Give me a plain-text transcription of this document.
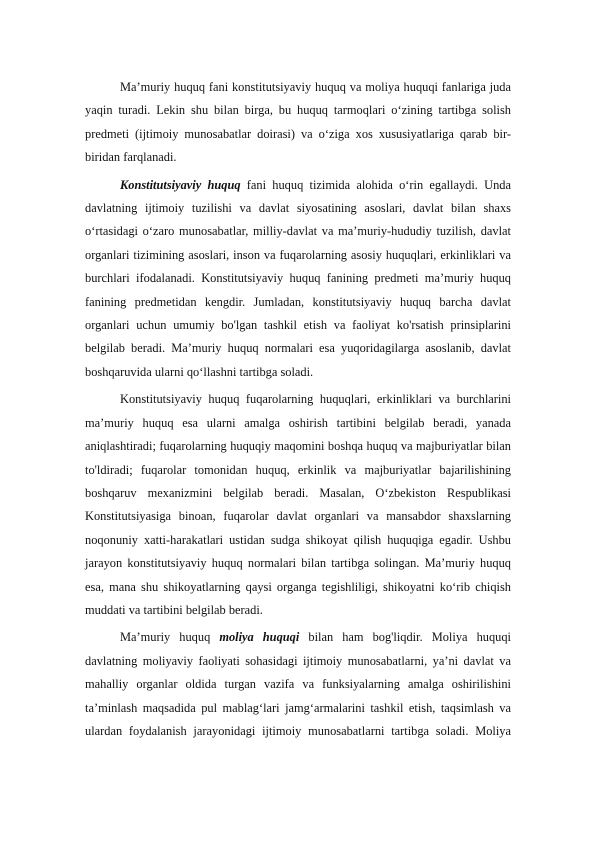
Ma’muriy huquq fani konstitutsiyaviy huquq va moliya huquqi fanlariga juda yaqin turadi. Lekin shu bilan birga, bu huquq tarmoqlari o‘zining tartibga solish predmeti (ijtimoiy munosabatlar doirasi) va o‘ziga xos xususiyatlariga qarab bir-biridan farqlanadi.

Konstitutsiyaviy huquq fani huquq tizimida alohida o‘rin egallaydi. Unda davlatning ijtimoiy tuzilishi va davlat siyosatining asoslari, davlat bilan shaxs o‘rtasidagi o‘zaro munosabatlar, milliy-davlat va ma’muriy-hududiy tuzilish, davlat organlari tizimining asoslari, inson va fuqarolarning asosiy huquqlari, erkinliklari va burchlari ifodalanadi. Konstitutsiyaviy huquq fanining predmeti ma’muriy huquq fanining predmetidan kengdir. Jumladan, konstitutsiyaviy huquq barcha davlat organlari uchun umumiy bo'lgan tashkil etish va faoliyat ko'rsatish prinsiplarini belgilab beradi. Ma’muriy huquq normalari esa yuqoridagilarga asoslanib, davlat boshqaruvida ularni qo‘llashni tartibga soladi.

Konstitutsiyaviy huquq fuqarolarning huquqlari, erkinliklari va burchlarini ma’muriy huquq esa ularni amalga oshirish tartibini belgilab beradi, yanada aniqlashtiradi; fuqarolarning huquqiy maqomini boshqa huquq va majburiyatlar bilan to'ldiradi; fuqarolar tomonidan huquq, erkinlik va majburiyatlar bajarilishining boshqaruv mexanizmini belgilab beradi. Masalan, O‘zbekiston Respublikasi Konstitutsiyasiga binoan, fuqarolar davlat organlari va mansabdor shaxslarning noqonuniy xatti-harakatlari ustidan sudga shikoyat qilish huquqiga egadir. Ushbu jarayon konstitutsiyaviy huquq normalari bilan tartibga solingan. Ma’muriy huquq esa, mana shu shikoyatlarning qaysi organga tegishliligi, shikoyatni ko‘rib chiqish muddati va tartibini belgilab beradi.

Ma’muriy huquq moliya huquqi bilan ham bog'liqdir. Moliya huquqi davlatning moliyaviy faoliyati sohasidagi ijtimoiy munosabatlarni, ya’ni davlat va mahalliy organlar oldida turgan vazifa va funksiyalarning amalga oshirilishini ta’minlash maqsadida pul mablag‘lari jamg‘armalarini tashkil etish, taqsimlash va ulardan foydalanish jarayonidagi ijtimoiy munosabatlarni tartibga soladi. Moliya
